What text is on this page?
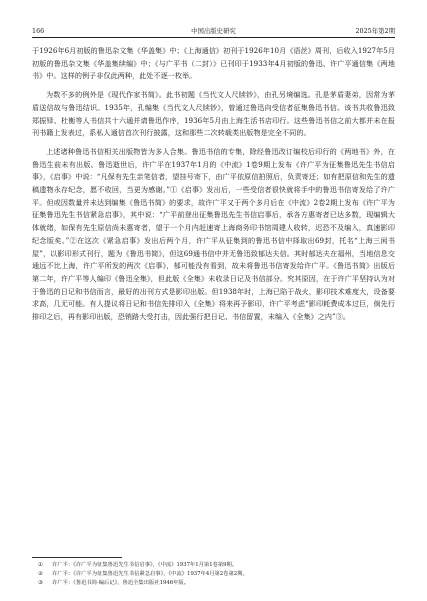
166	中国出版史研究	2025年第2期

于1926年6月初版的鲁迅杂文集《华盖集》中；《上海通信》初刊于1926年10月《语丝》周刊，后收入1927年5月初版的鲁迅杂文集《华盖集续编》中；《与广平书（二封）》已刊印于1933年4月初版的鲁迅、许广平通信集《两地书》中。这样的例子非仅此两种，此处不逐一枚举。

为数不多的例外是《现代作家书简》。此书初题《当代文人尺牍钞》，由孔另境编选。孔是茅盾妻弟，因常为茅盾送信故与鲁迅结识。1935年，孔编集《当代文人尺牍钞》，曾通过鲁迅向受信者征集鲁迅书信。该书共收鲁迅致郑振铎、杜衡等人书信共十六通并请鲁迅作序，1936年5月由上海生活书店印行。这些鲁迅书信之前大都并未在报刊书籍上发表过，系私人通信首次刊行披露，这和那些二次转载类出版物是完全不同的。

上述诸种鲁迅书信相关出版物皆为多人合集。鲁迅书信的专集，除经鲁迅改订编校后印行的《两地书》外，在鲁迅生前未有出版。鲁迅逝世后，许广平在1937年1月的《中流》1卷9期上发布《许广平为征集鲁迅先生书信启事》，《启事》中说：“凡保有先生亲笔信者，望挂号寄下，由广平依原信拍照后，负责寄还；如有把原信和先生的遗稿遗物永存纪念，愿不收回，当更为感谢。”①《启事》发出后，一些受信者很快就将手中的鲁迅书信寄发给了许广平。但或因数量并未达到编集《鲁迅书简》的要求，故许广平又于两个多月后在《中流》2卷2期上发布《许广平为征集鲁迅先生书信紧急启事》，其中说：“广平前登出征集鲁迅先生书信启事后，承各方惠寄者已达多数，现编辑大体就绪，如保有先生原信尚未惠寄者，望于一个月内赶速寄上海商务印书馆周建人收转，迟恐不及编入，真速影印纪念版矣。”②在这次《紧急启事》发出后两个月，许广平从征集到的鲁迅书信中择取出69封，托名“上海三闲书屋”，以影印形式刊行，题为《鲁迅书简》，但这69通书信中并无鲁迅致郁达夫信。其时郁达夫在福州，当地信息交通远不比上海，许广平所发的两次《启事》，郁可能没有看到，故未将鲁迅书信寄发给许广平。《鲁迅书简》出版后第二年，许广平等人编印《鲁迅全集》，但此版《全集》未收录日记及书信部分。究其原因，在于许广平坚持认为对于鲁迅的日记和书信而言，最好的出刊方式是影印出版。但1938年时，上海已陷于战火，影印技术难度大，设备要求高，几无可能。有人提议将日记和书信先排印入《全集》将来再予影印，许广平考虑“影印耗费成本过巨，倘先行排印之后，再有影印出版，恐销路大受打击，因此强行把日记、书信留置，未编入《全集》之内”③。

①	许广平：《许广平为征集鲁迅先生书信启事》，《中流》1937年1月第1卷第9期。
②	许广平：《许广平为征集鲁迅先生书信紧急启事》，《中流》1937年4月第2卷第2期。
③	许广平：《鲁迅书简·编后记》，鲁迅全集出版社1946年版。
